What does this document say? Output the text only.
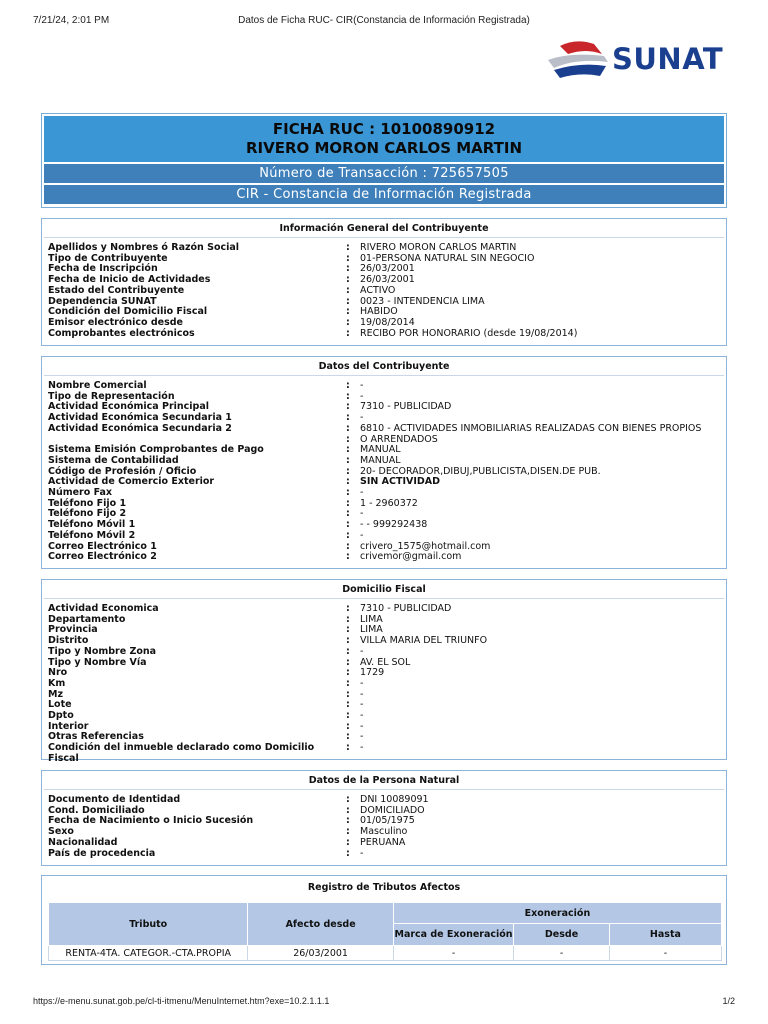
7/21/24, 2:01 PM	Datos de Ficha RUC- CIR(Constancia de Información Registrada)
SUNAT
FICHA RUC : 10100890912
RIVERO MORON CARLOS MARTIN
Número de Transacción : 725657505
CIR - Constancia de Información Registrada
Información General del Contribuyente
Apellidos y Nombres ó Razón Social	:	RIVERO MORON CARLOS MARTIN
Tipo de Contribuyente	:	01-PERSONA NATURAL SIN NEGOCIO
Fecha de Inscripción	:	26/03/2001
Fecha de Inicio de Actividades	:	26/03/2001
Estado del Contribuyente	:	ACTIVO
Dependencia SUNAT	:	0023 - INTENDENCIA LIMA
Condición del Domicilio Fiscal	:	HABIDO
Emisor electrónico desde	:	19/08/2014
Comprobantes electrónicos	:	RECIBO POR HONORARIO (desde 19/08/2014)
Datos del Contribuyente
Nombre Comercial	:	-
Tipo de Representación	:	-
Actividad Económica Principal	:	7310 - PUBLICIDAD
Actividad Económica Secundaria 1	:	-
Actividad Económica Secundaria 2	:	6810 - ACTIVIDADES INMOBILIARIAS REALIZADAS CON BIENES PROPIOS
:	O ARRENDADOS
Sistema Emisión Comprobantes de Pago	:	MANUAL
Sistema de Contabilidad	:	MANUAL
Código de Profesión / Oficio	:	20- DECORADOR,DIBUJ,PUBLICISTA,DISEN.DE PUB.
Actividad de Comercio Exterior	:	SIN ACTIVIDAD
Número Fax	:	-
Teléfono Fijo 1	:	1 - 2960372
Teléfono Fijo 2	:	-
Teléfono Móvil 1	:	- - 999292438
Teléfono Móvil 2	:	-
Correo Electrónico 1	:	crivero_1575@hotmail.com
Correo Electrónico 2	:	crivemor@gmail.com
Domicilio Fiscal
Actividad Economica	:	7310 - PUBLICIDAD
Departamento	:	LIMA
Provincia	:	LIMA
Distrito	:	VILLA MARIA DEL TRIUNFO
Tipo y Nombre Zona	:	-
Tipo y Nombre Vía	:	AV. EL SOL
Nro	:	1729
Km	:	-
Mz	:	-
Lote	:	-
Dpto	:	-
Interior	:	-
Otras Referencias	:	-
Condición del inmueble declarado como Domicilio Fiscal
:	-
Datos de la Persona Natural
Documento de Identidad	:	DNI 10089091
Cond. Domiciliado	:	DOMICILIADO
Fecha de Nacimiento o Inicio Sucesión	:	01/05/1975
Sexo	:	Masculino
Nacionalidad	:	PERUANA
País de procedencia	:	-
Registro de Tributos Afectos
Tributo	Afecto desde	Exoneración		
		Marca de Exoneración	Desde	Hasta
RENTA-4TA. CATEGOR.-CTA.PROPIA	26/03/2001	-	-	-
https://e-menu.sunat.gob.pe/cl-ti-itmenu/MenuInternet.htm?exe=10.2.1.1.1	1/2
